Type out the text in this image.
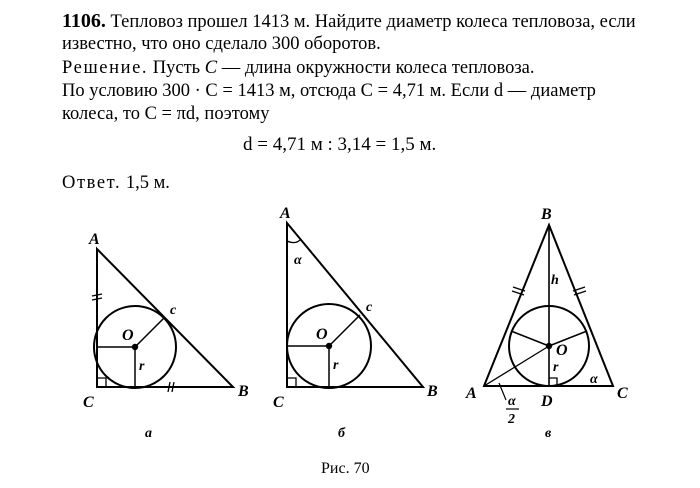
1106. Тепловоз прошел 1413 м. Найдите диаметр колеса тепловоза, если
известно, что оно сделало 300 оборотов.
Решение. Пусть C — длина окружности колеса тепловоза.
По условию 300 · C = 1413 м, отсюда C = 4,71 м. Если d — диаметр
колеса, то C = πd, поэтому
d = 4,71 м : 3,14 = 1,5 м.
Ответ. 1,5 м.
A
B
C
O
c
r
а
A
B
C
O
c
r
α
б
B
A	C
D
O
h
r
α
α
2
в
Рис. 70
